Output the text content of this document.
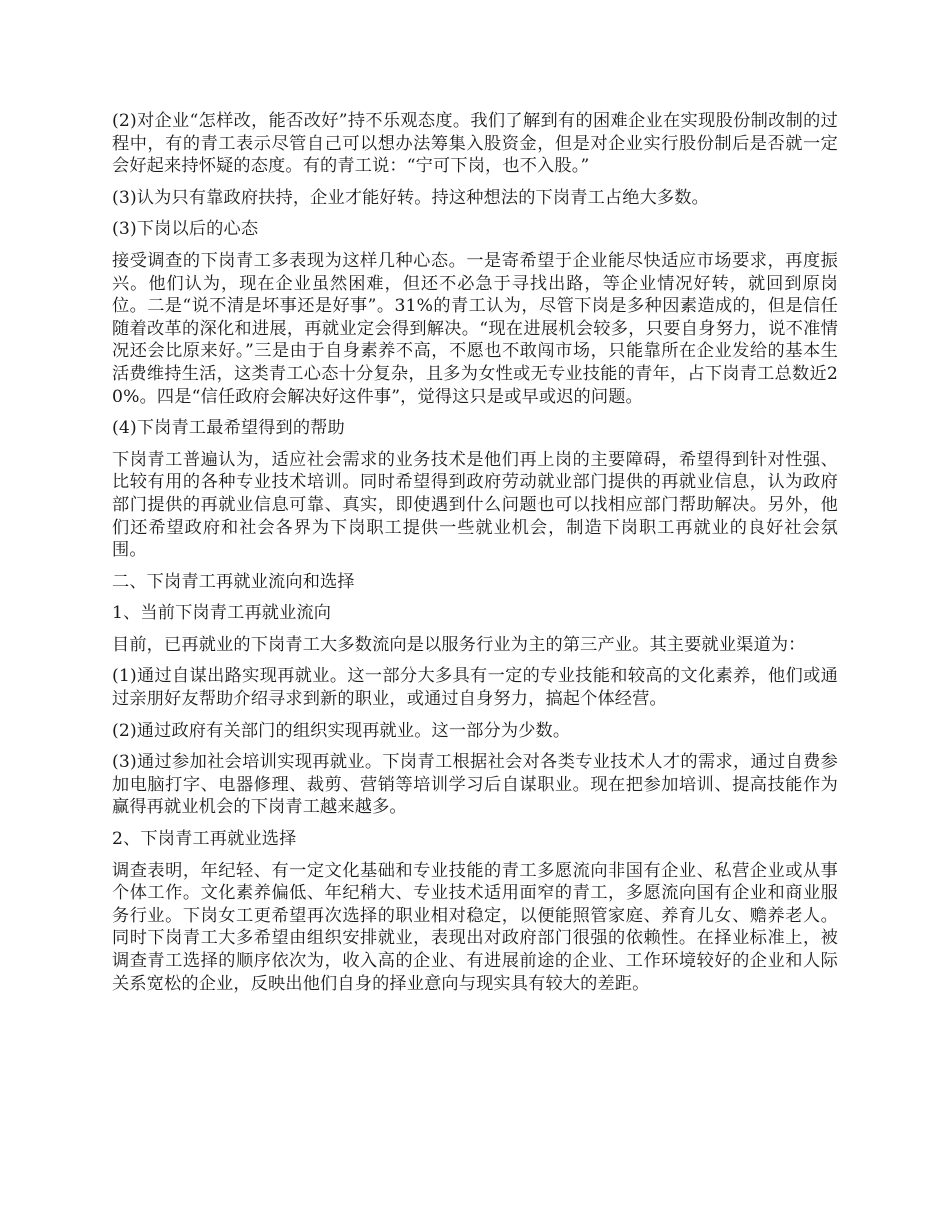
(2)对企业“怎样改，能否改好”持不乐观态度。我们了解到有的困难企业在实现股份制改制的过程中，有的青工表示尽管自己可以想办法筹集入股资金，但是对企业实行股份制后是否就一定会好起来持怀疑的态度。有的青工说：“宁可下岗，也不入股。”

(3)认为只有靠政府扶持，企业才能好转。持这种想法的下岗青工占绝大多数。

(3)下岗以后的心态

接受调查的下岗青工多表现为这样几种心态。一是寄希望于企业能尽快适应市场要求，再度振兴。他们认为，现在企业虽然困难，但还不必急于寻找出路，等企业情况好转，就回到原岗位。二是“说不清是坏事还是好事”。31%的青工认为，尽管下岗是多种因素造成的，但是信任随着改革的深化和进展，再就业定会得到解决。“现在进展机会较多，只要自身努力，说不准情况还会比原来好。”三是由于自身素养不高，不愿也不敢闯市场，只能靠所在企业发给的基本生活费维持生活，这类青工心态十分复杂，且多为女性或无专业技能的青年，占下岗青工总数近20%。四是“信任政府会解决好这件事”，觉得这只是或早或迟的问题。

(4)下岗青工最希望得到的帮助

下岗青工普遍认为，适应社会需求的业务技术是他们再上岗的主要障碍，希望得到针对性强、比较有用的各种专业技术培训。同时希望得到政府劳动就业部门提供的再就业信息，认为政府部门提供的再就业信息可靠、真实，即使遇到什么问题也可以找相应部门帮助解决。另外，他们还希望政府和社会各界为下岗职工提供一些就业机会，制造下岗职工再就业的良好社会氛围。

二、下岗青工再就业流向和选择

1、当前下岗青工再就业流向

目前，已再就业的下岗青工大多数流向是以服务行业为主的第三产业。其主要就业渠道为：

(1)通过自谋出路实现再就业。这一部分大多具有一定的专业技能和较高的文化素养，他们或通过亲朋好友帮助介绍寻求到新的职业，或通过自身努力，搞起个体经营。

(2)通过政府有关部门的组织实现再就业。这一部分为少数。

(3)通过参加社会培训实现再就业。下岗青工根据社会对各类专业技术人才的需求，通过自费参加电脑打字、电器修理、裁剪、营销等培训学习后自谋职业。现在把参加培训、提高技能作为赢得再就业机会的下岗青工越来越多。

2、下岗青工再就业选择

调查表明，年纪轻、有一定文化基础和专业技能的青工多愿流向非国有企业、私营企业或从事个体工作。文化素养偏低、年纪稍大、专业技术适用面窄的青工，多愿流向国有企业和商业服务行业。下岗女工更希望再次选择的职业相对稳定，以便能照管家庭、养育儿女、赡养老人。同时下岗青工大多希望由组织安排就业，表现出对政府部门很强的依赖性。在择业标准上，被调查青工选择的顺序依次为，收入高的企业、有进展前途的企业、工作环境较好的企业和人际关系宽松的企业，反映出他们自身的择业意向与现实具有较大的差距。
